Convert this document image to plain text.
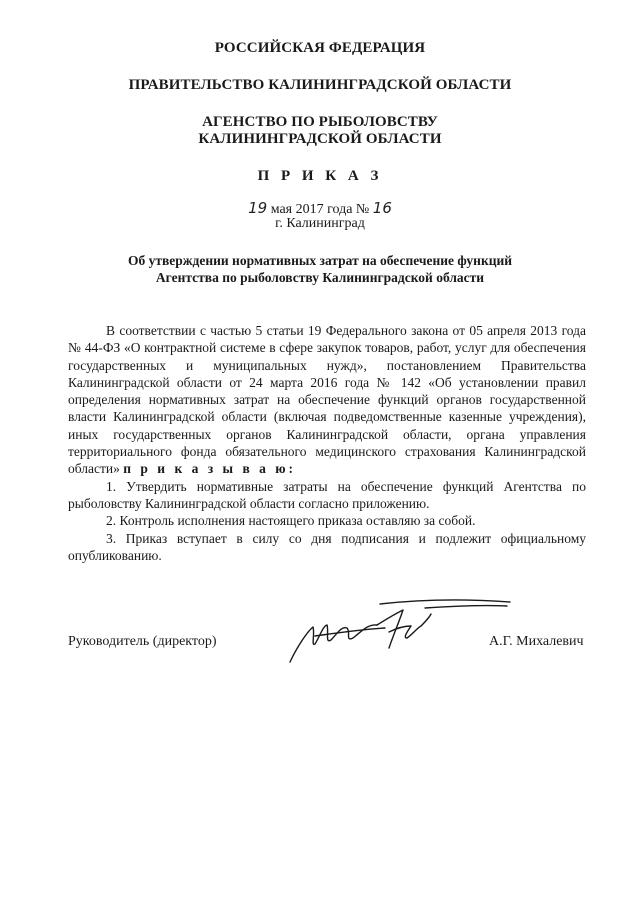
РОССИЙСКАЯ ФЕДЕРАЦИЯ
ПРАВИТЕЛЬСТВО КАЛИНИНГРАДСКОЙ ОБЛАСТИ
АГЕНСТВО ПО РЫБОЛОВСТВУ
КАЛИНИНГРАДСКОЙ ОБЛАСТИ
П Р И К А З
19 мая 2017 года № 16
г. Калининград
Об утверждении нормативных затрат на обеспечение функций
Агентства по рыболовству Калининградской области

В соответствии с частью 5 статьи 19 Федерального закона от 05 апреля 2013 года № 44-ФЗ «О контрактной системе в сфере закупок товаров, работ, услуг для обеспечения государственных и муниципальных нужд», постановлением Правительства Калининградской области от 24 марта 2016 года № 142 «Об установлении правил определения нормативных затрат на обеспечение функций органов государственной власти Калининградской области (включая подведомственные казенные учреждения), иных государственных органов Калининградской области, органа управления территориального фонда обязательного медицинского страхования Калининградской области» п р и к а з ы в а ю:

1. Утвердить нормативные затраты на обеспечение функций Агентства по рыболовству Калининградской области согласно приложению.

2. Контроль исполнения настоящего приказа оставляю за собой.

3. Приказ вступает в силу со дня подписания и подлежит официальному опубликованию.

Руководитель (директор)	А.Г. Михалевич
